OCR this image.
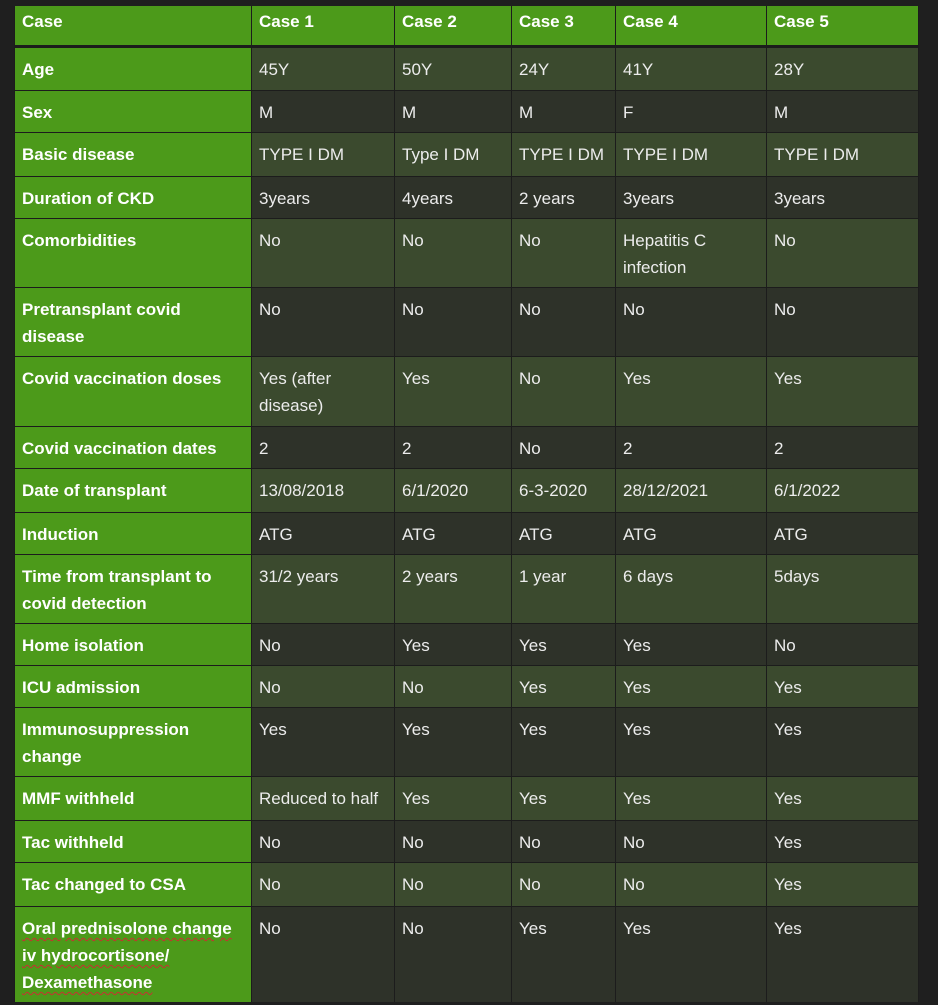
Case	Case 1	Case 2	Case 3	Case 4	Case 5
Age	45Y	50Y	24Y	41Y	28Y
Sex	M	M	M	F	M
Basic disease	TYPE I DM	Type I DM	TYPE I DM	TYPE I DM	TYPE I DM
Duration of CKD	3years	4years	2 years	3years	3years
Comorbidities	No	No	No	Hepatitis C infection	No
Pretransplant covid disease	No	No	No	No	No
Covid vaccination doses	Yes (after disease)	Yes	No	Yes	Yes
Covid vaccination dates	2	2	No	2	2
Date of transplant	13/08/2018	6/1/2020	6-3-2020	28/12/2021	6/1/2022
Induction	ATG	ATG	ATG	ATG	ATG
Time from transplant to covid detection	31/2 years	2 years	1 year	6 days	5days
Home isolation	No	Yes	Yes	Yes	No
ICU admission	No	No	Yes	Yes	Yes
Immunosuppression change	Yes	Yes	Yes	Yes	Yes
MMF withheld	Reduced to half	Yes	Yes	Yes	Yes
Tac withheld	No	No	No	No	Yes
Tac changed to CSA	No	No	No	No	Yes
Oral prednisolone change iv hydrocortisone/ Dexamethasone	No	No	Yes	Yes	Yes
